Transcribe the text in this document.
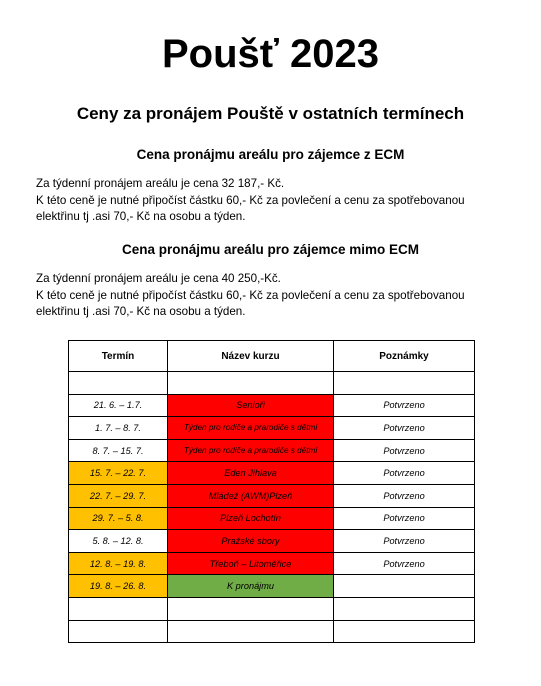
Poušť 2023
Ceny za pronájem Pouště v ostatních termínech
Cena pronájmu areálu pro zájemce z ECM
Za týdenní pronájem areálu je cena 32 187,- Kč.
K této ceně je nutné připočíst částku 60,- Kč za povlečení a cenu za spotřebovanou
elektřinu tj .asi 70,- Kč na osobu a týden.
Cena pronájmu areálu pro zájemce mimo ECM
Za týdenní pronájem areálu je cena 40 250,-Kč.
K této ceně je nutné připočíst částku 60,- Kč za povlečení a cenu za spotřebovanou
elektřinu tj .asi 70,- Kč na osobu a týden.
Termín	Název kurzu	Poznámky

21. 6. – 1.7.	Senioři	Potvrzeno
1. 7. – 8. 7.	Týden pro rodiče a prarodiče s dětmi	Potvrzeno
8. 7. – 15. 7.	Týden pro rodiče a prarodiče s dětmi	Potvrzeno
15. 7. – 22. 7.	Eden Jihlava	Potvrzeno
22. 7. – 29. 7.	Mládež (AWM)Plzeň	Potvrzeno
29. 7. – 5. 8.	Plzeň Lochotín	Potvrzeno
5. 8. – 12. 8.	Pražské sbory	Potvrzeno
12. 8. – 19. 8.	Třeboň – Litoměřice	Potvrzeno
19. 8. – 26. 8.	K pronájmu	
